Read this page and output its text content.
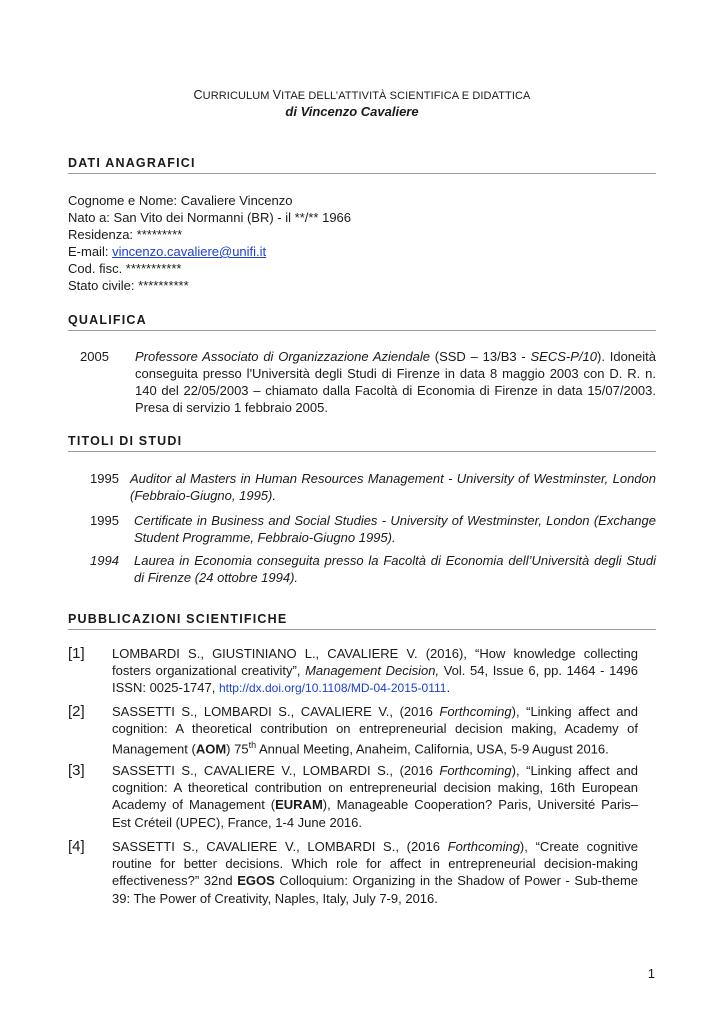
CURRICULUM VITAE DELL’ATTIVITÀ SCIENTIFICA E DIDATTICA
di Vincenzo Cavaliere
DATI ANAGRAFICI

Cognome e Nome: Cavaliere Vincenzo

Nato a: San Vito dei Normanni (BR) - il **/** 1966

Residenza: *********

E-mail: vincenzo.cavaliere@unifi.it

Cod. fisc. ***********

Stato civile: **********

QUALIFICA
2005	Professore Associato di Organizzazione Aziendale (SSD – 13/B3 - SECS-P/10). Idoneità conseguita presso l'Università degli Studi di Firenze in data 8 maggio 2003 con D. R. n. 140 del 22/05/2003 – chiamato dalla Facoltà di Economia di Firenze in data 15/07/2003. Presa di servizio 1 febbraio 2005.
TITOLI DI STUDI
1995 Auditor al Masters in Human Resources Management - University of Westminster, London (Febbraio-Giugno, 1995).
1995	Certificate in Business and Social Studies - University of Westminster, London (Exchange Student Programme, Febbraio-Giugno 1995).
1994	Laurea in Economia conseguita presso la Facoltà di Economia dell’Università degli Studi di Firenze (24 ottobre 1994).
PUBBLICAZIONI SCIENTIFICHE
[1]	LOMBARDI S., GIUSTINIANO L., CAVALIERE V. (2016), “How knowledge collecting fosters organizational creativity”, Management Decision, Vol. 54, Issue 6, pp. 1464 - 1496 ISSN: 0025-1747, http://dx.doi.org/10.1108/MD-04-2015-0111.
[2]	SASSETTI S., LOMBARDI S., CAVALIERE V., (2016 Forthcoming), “Linking affect and cognition: A theoretical contribution on entrepreneurial decision making, Academy of Management (AOM) 75th Annual Meeting, Anaheim, California, USA, 5-9 August 2016.
[3]	SASSETTI S., CAVALIERE V., LOMBARDI S., (2016 Forthcoming), “Linking affect and cognition: A theoretical contribution on entrepreneurial decision making, 16th European Academy of Management (EURAM), Manageable Cooperation? Paris, Université Paris–Est Créteil (UPEC), France, 1-4 June 2016.
[4]	SASSETTI S., CAVALIERE V., LOMBARDI S., (2016 Forthcoming), “Create cognitive routine for better decisions. Which role for affect in entrepreneurial decision-making effectiveness?” 32nd EGOS Colloquium: Organizing in the Shadow of Power - Sub-theme 39: The Power of Creativity, Naples, Italy, July 7-9, 2016.
1
